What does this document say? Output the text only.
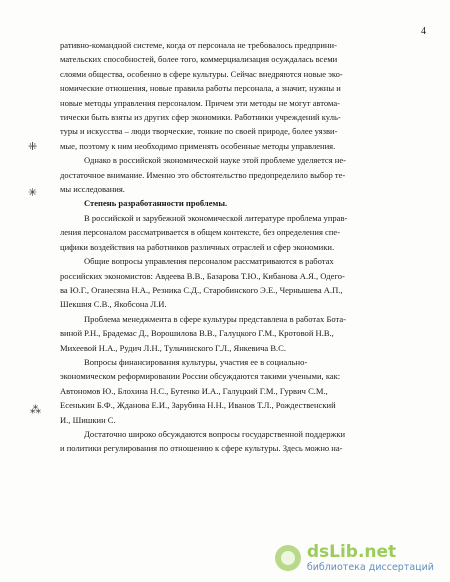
4
⁜
✳
⁂
ративно-командной системе, когда от персонала не требовалось предприни-
мательских способностей, более того, коммерциализация осуждалась всеми
слоями общества, особенно в сфере культуры. Сейчас внедряются новые эко-
номические отношения, новые правила работы персонала, а значит, нужны и
новые методы управления персоналом. Причем эти методы не могут автома-
тически быть взяты из других сфер экономики. Работники учреждений куль-
туры и искусства – люди творческие, тонкие по своей природе, более уязви-
мые, поэтому к ним необходимо применять особенные методы управления.
Однако в российской экономической науке этой проблеме уделяется не-
достаточное внимание. Именно это обстоятельство предопределило выбор те-
мы исследования.
Степень разработанности проблемы.
В российской и зарубежной экономической литературе проблема управ-
ления персоналом рассматривается в общем контексте, без определения спе-
цифики воздействия на работников различных отраслей и сфер экономики.
Общие вопросы управления персоналом рассматриваются в работах
российских экономистов: Авдеева В.В., Базарова Т.Ю., Кибанова А.Я., Одего-
ва Ю.Г., Оганесяна Н.А., Резника С.Д., Старобинского Э.Е., Чернышева А.П.,
Шекшня С.В., Якобсона Л.И.
Проблема менеджмента в сфере культуры представлена в работах Бота-
виной Р.Н., Брадемас Д., Ворошилова В.В., Галуцкого Г.М., Кротовой Н.В.,
Михеевой Н.А., Рудич Л.Н., Тульчинского Г.Л., Янкевича В.С.
Вопросы финансирования культуры, участия ее в социально-
экономическом реформировании России обсуждаются такими учеными, как:
Автономов Ю., Блохина Н.С., Бутенко И.А., Галуцкий Г.М., Гурвич С.М.,
Есенькин Б.Ф., Жданова Е.И., Зарубина Н.Н., Иванов Т.Л., Рождественский
И., Шишкин С.
Достаточно широко обсуждаются вопросы государственной поддержки
и политики регулирования по отношению к сфере культуры. Здесь можно на-
dsLib.net
библиотека диссертаций
